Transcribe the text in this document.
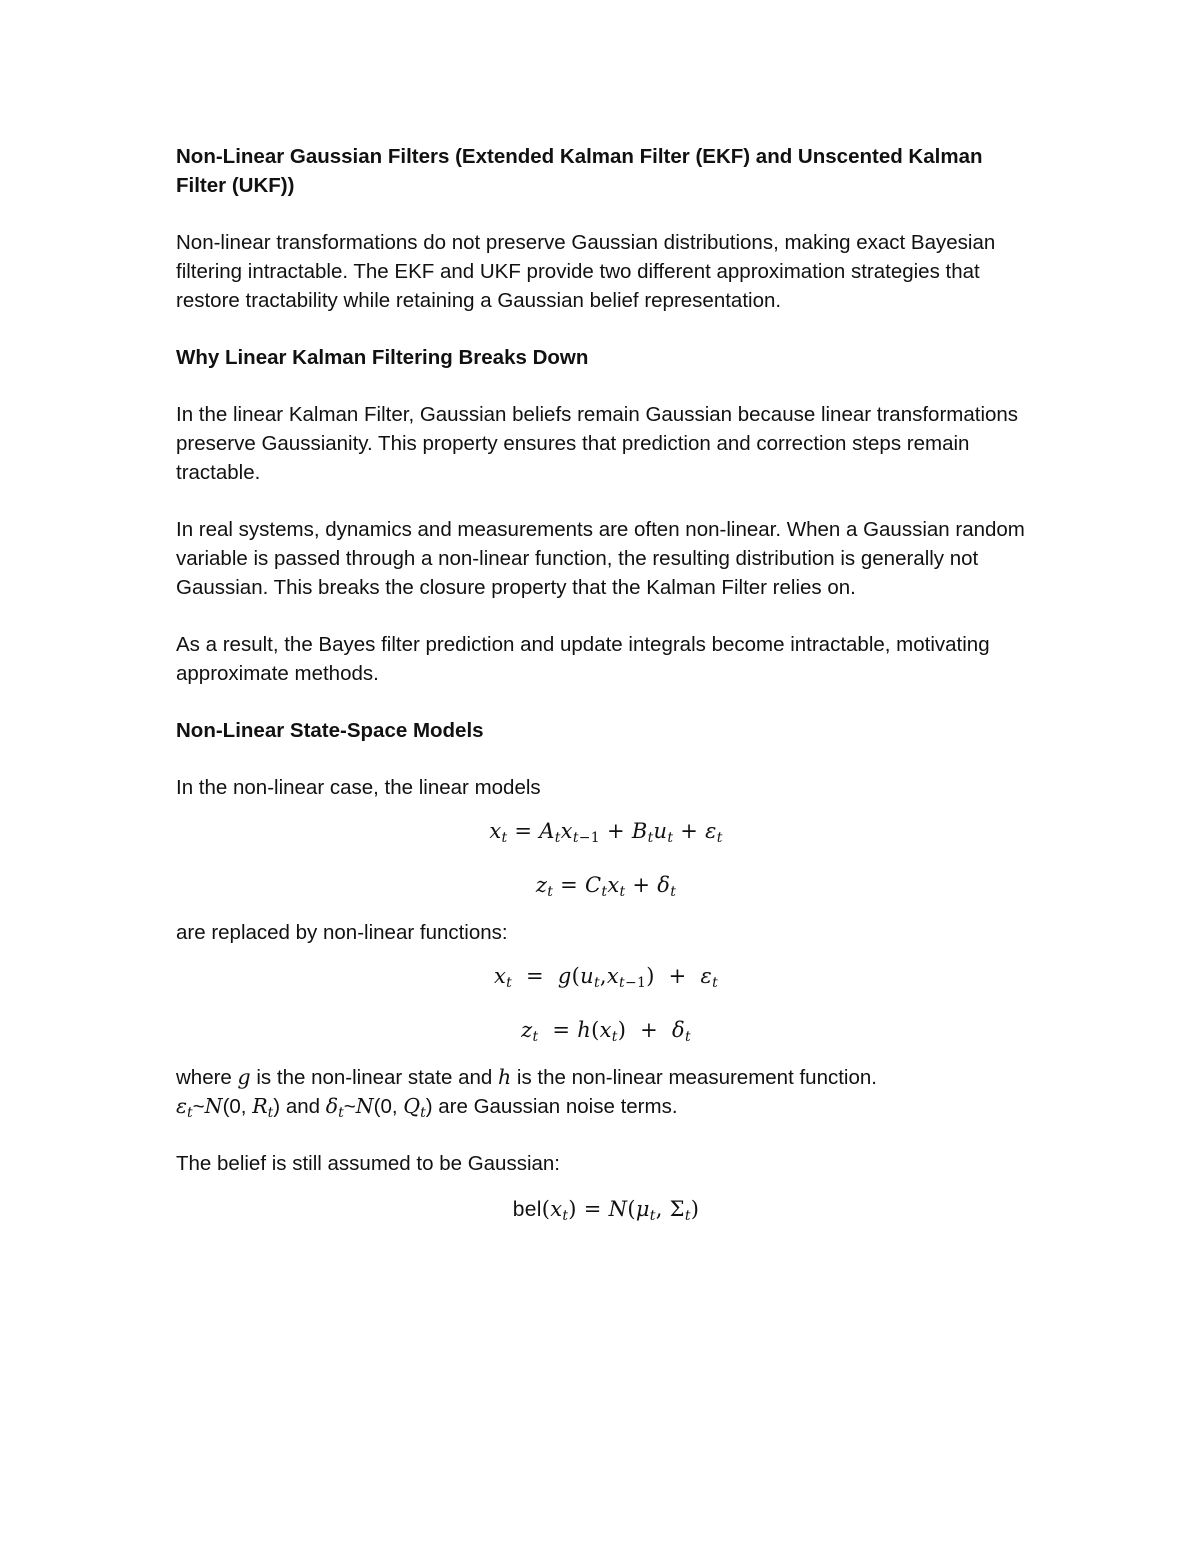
Non-Linear Gaussian Filters (Extended Kalman Filter (EKF) and Unscented Kalman Filter (UKF))
Non-linear transformations do not preserve Gaussian distributions, making exact Bayesian filtering intractable. The EKF and UKF provide two different approximation strategies that restore tractability while retaining a Gaussian belief representation.
Why Linear Kalman Filtering Breaks Down
In the linear Kalman Filter, Gaussian beliefs remain Gaussian because linear transformations preserve Gaussianity. This property ensures that prediction and correction steps remain tractable.
In real systems, dynamics and measurements are often non-linear. When a Gaussian random variable is passed through a non-linear function, the resulting distribution is generally not Gaussian. This breaks the closure property that the Kalman Filter relies on.
As a result, the Bayes filter prediction and update integrals become intractable, motivating approximate methods.
Non-Linear State-Space Models
In the non-linear case, the linear models
$x_t = A_tx_{t-1} + B_tu_t + \varepsilon_t$
$z_t = C_tx_t + \delta_t$
are replaced by non-linear functions:
$x_t = g(u_t,x_{t-1}) + \varepsilon_t$
$z_t = h(x_t) + \delta_t$
where g is the non-linear state and h is the non-linear measurement function.
$\varepsilon_t\sim N(0$, $R_t$) and $\delta_t\sim N(0$, $Q_t$) are Gaussian noise terms.
The belief is still assumed to be Gaussian:
$bel(x_t) = N(\mu_t$, $\Sigma_t$)
